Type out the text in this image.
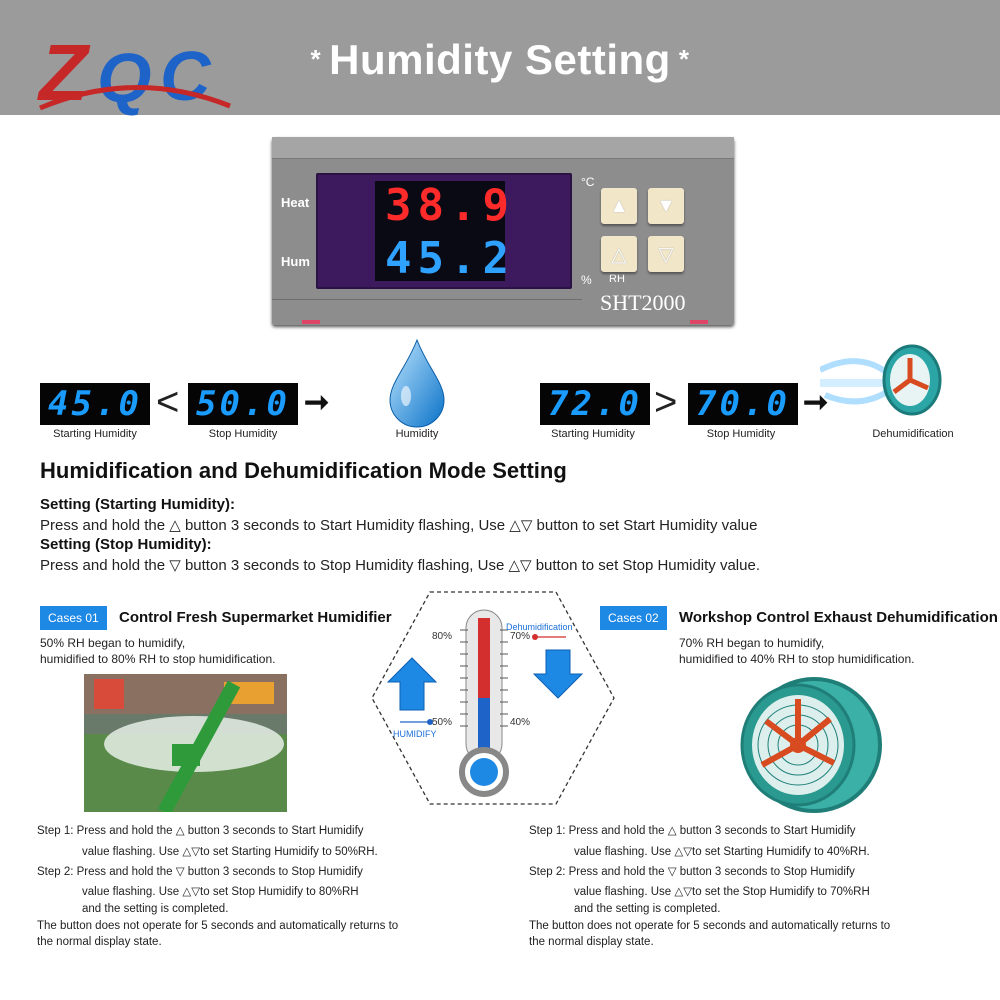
Z Q C	* Humidity Setting *
Heat
Hum
°C
% RH
38.9
45.2
▲ ▼
△ ▽
SHT2000
45.0
Starting Humidity
< 50.0
Stop Humidity
➞
Humidity
72.0
Starting Humidity
> 70.0
Stop Humidity
➞
Dehumidification
Humidification and Dehumidification Mode Setting
Setting (Starting Humidity):
Press and hold the △ button 3 seconds to Start Humidity flashing, Use △▽ button to set Start Humidity value
Setting (Stop Humidity):
Press and hold the ▽ button 3 seconds to Stop Humidity flashing, Use △▽ button to set Stop Humidity value.
Cases 01	Control Fresh Supermarket Humidifier
50% RH began to humidify,
humidified to 80% RH to stop humidification.
Step 1: Press and hold the △ button 3 seconds to Start Humidify
value flashing. Use △▽to set Starting Humidify to 50%RH.
Step 2: Press and hold the ▽ button 3 seconds to Stop Humidify
value flashing. Use △▽to set Stop Humidify to 80%RH
and the setting is completed.
The button does not operate for 5 seconds and automatically returns to
the normal display state.
80%
50%
70%
40%
Dehumidification
HUMIDIFY
Cases 02	Workshop Control Exhaust Dehumidification
70% RH began to humidify,
humidified to 40% RH to stop humidification.
Step 1: Press and hold the △ button 3 seconds to Start Humidify
value flashing. Use △▽to set Starting Humidify to 40%RH.
Step 2: Press and hold the ▽ button 3 seconds to Stop Humidify
value flashing. Use △▽to set the Stop Humidify to 70%RH
and the setting is completed.
The button does not operate for 5 seconds and automatically returns to
the normal display state.
